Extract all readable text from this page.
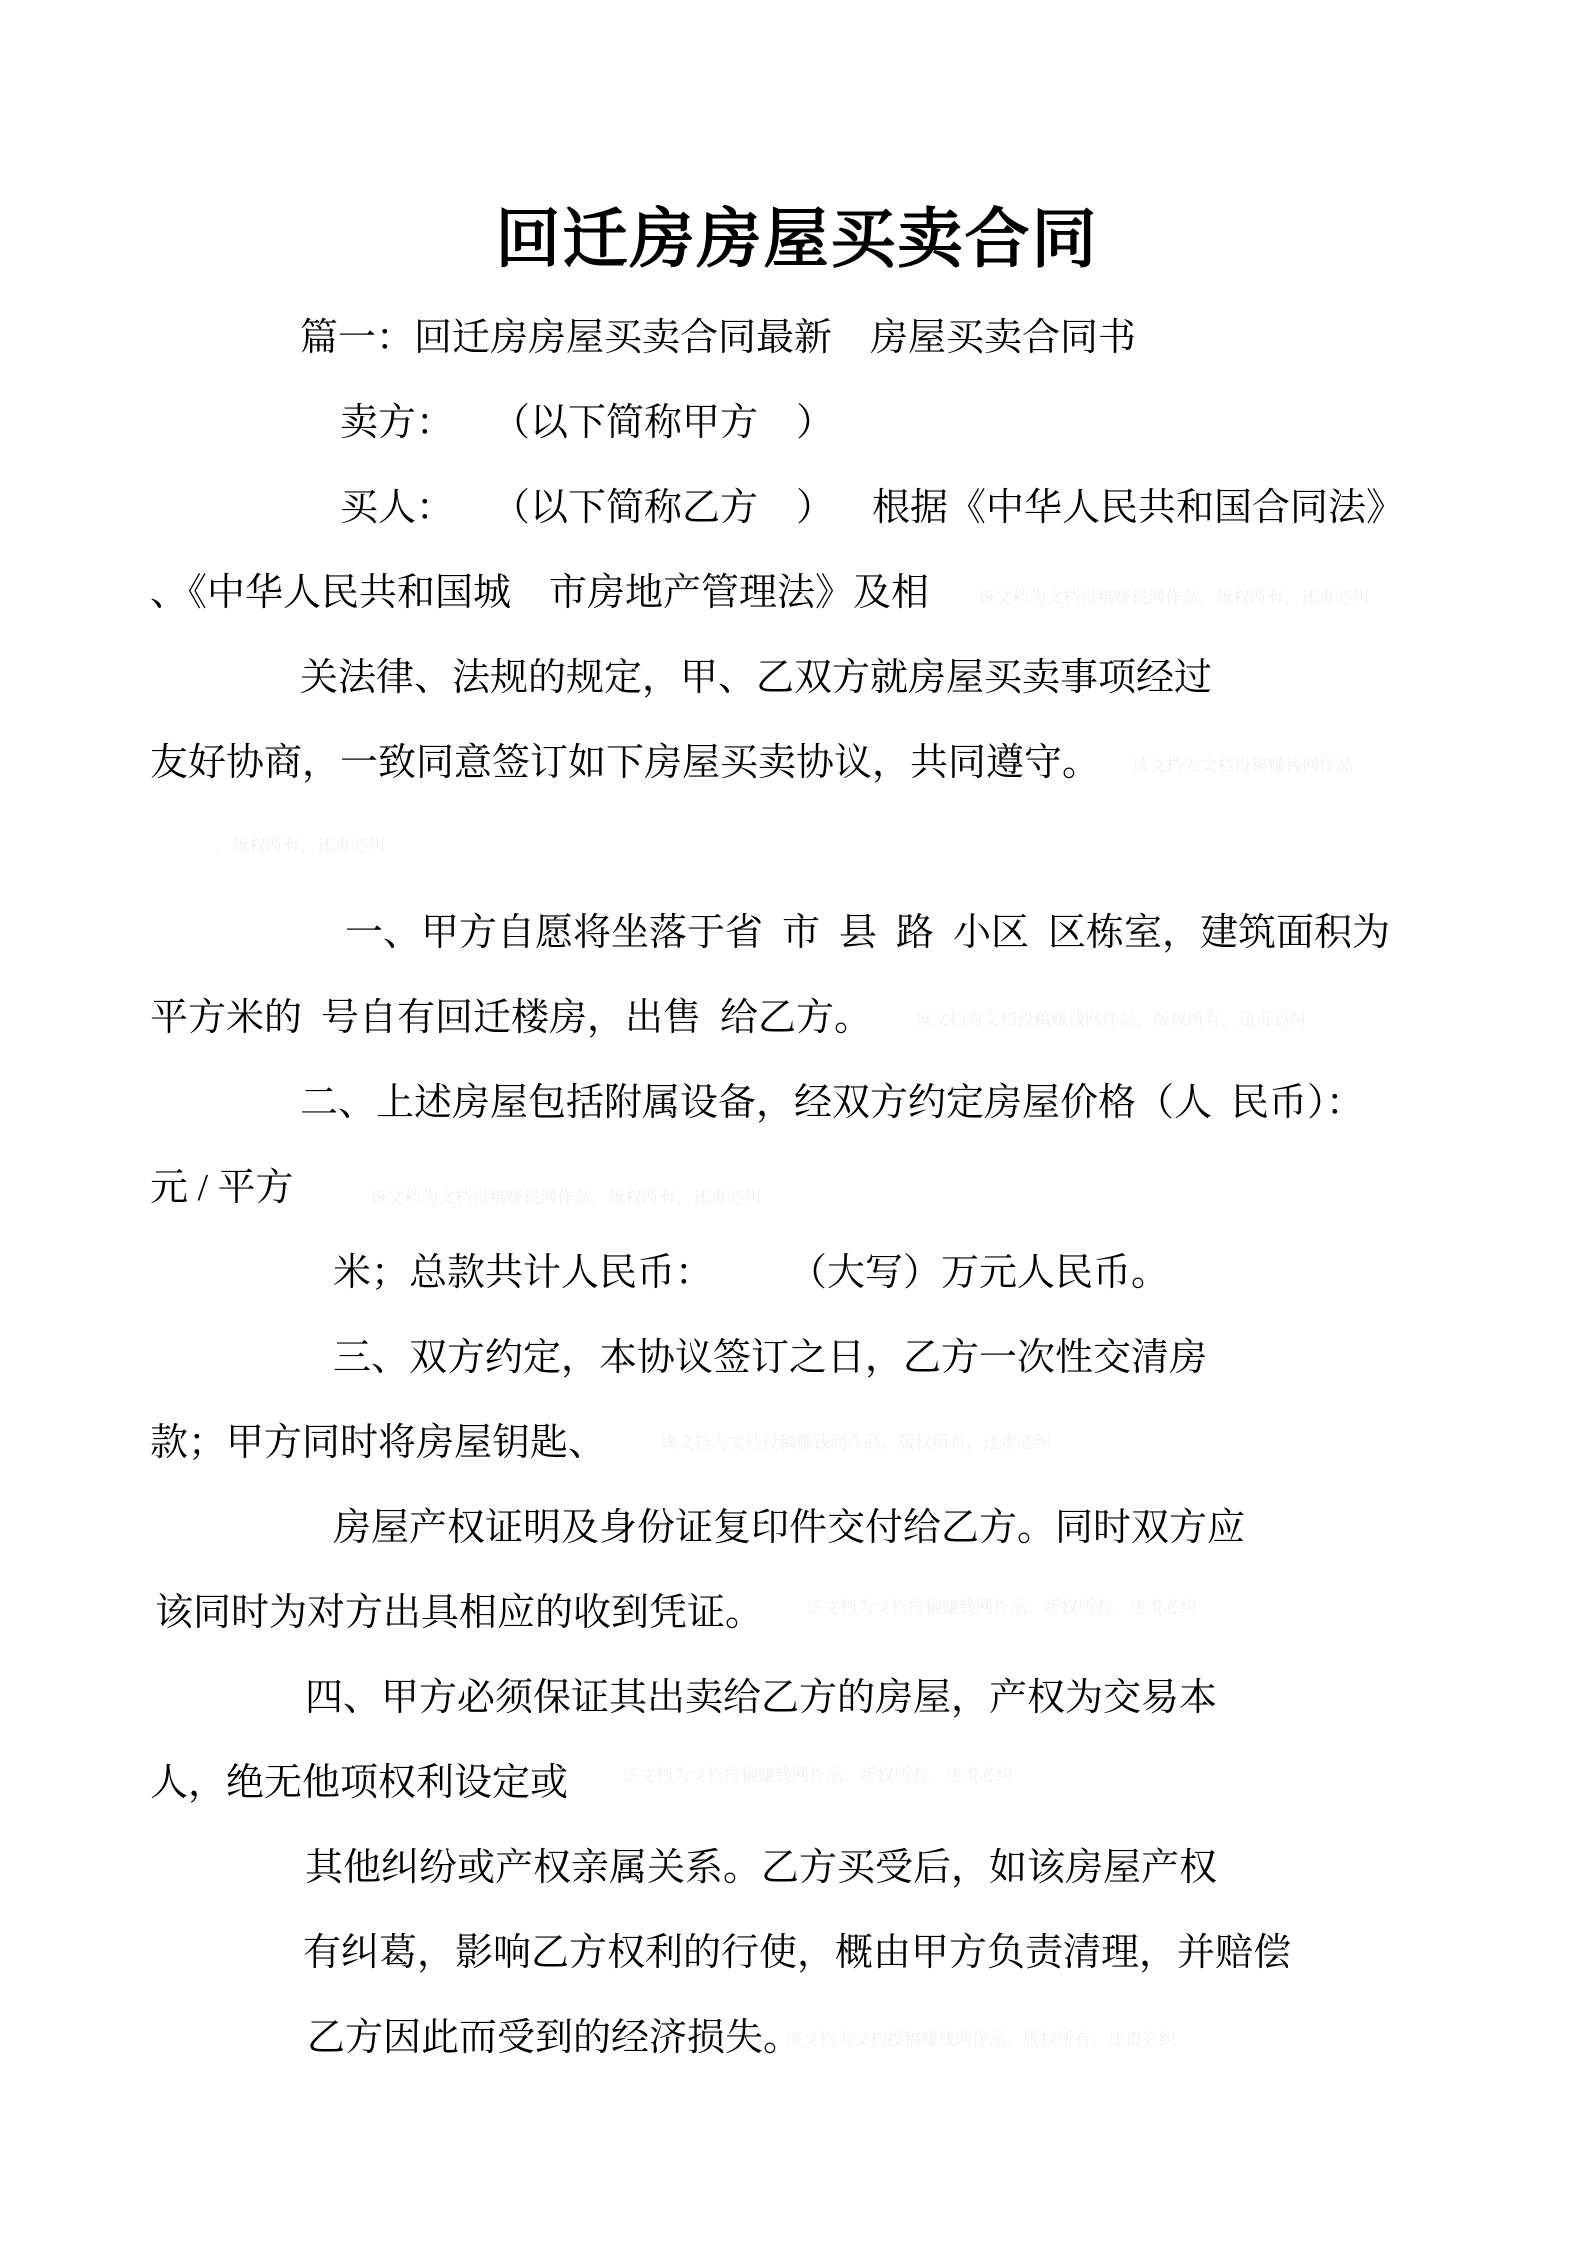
回迁房房屋买卖合同
篇一：回迁房房屋买卖合同最新　房屋买卖合同书
卖方：　　（以下简称甲方　）
买人：　　（以下简称乙方　）　 根据《中华人民共和国合同法》
、《中华人民共和国城　市房地产管理法》及相
关法律、法规的规定，甲、乙双方就房屋买卖事项经过
友好协商，一致同意签订如下房屋买卖协议，共同遵守。
一、甲方自愿将坐落于省 市 县 路 小区 区栋室，建筑面积为
平方米的 号自有回迁楼房，出售 给乙方。
二、上述房屋包括附属设备，经双方约定房屋价格（人 民币）：
元 / 平方
米；总款共计人民币：　　　（大写）万元人民币。
三、双方约定，本协议签订之日，乙方一次性交清房
款；甲方同时将房屋钥匙、
房屋产权证明及身份证复印件交付给乙方。同时双方应
该同时为对方出具相应的收到凭证。
四、甲方必须保证其出卖给乙方的房屋，产权为交易本
人，绝无他项权利设定或
其他纠纷或产权亲属关系。乙方买受后，如该房屋产权
有纠葛，影响乙方权利的行使，概由甲方负责清理，并赔偿
乙方因此而受到的经济损失。
该文档为文档投稿赚钱网作品，版权所有，违责必纠
该文档为文档投稿赚钱网作品
，版权所有，违责必纠
该文档为文档投稿赚钱网作品，版权所有，违责必纠
该文档为文档投稿赚钱网作品，版权所有，违责必纠
该文档为文档投稿赚钱网作品，版权所有，违责必纠
该文档为文档投稿赚钱网作品，版权所有，违责必纠
该文档为文档投稿赚钱网作品，版权所有，违责必纠
该文档为文档投稿赚钱网作品，版权所有，违责必纠
